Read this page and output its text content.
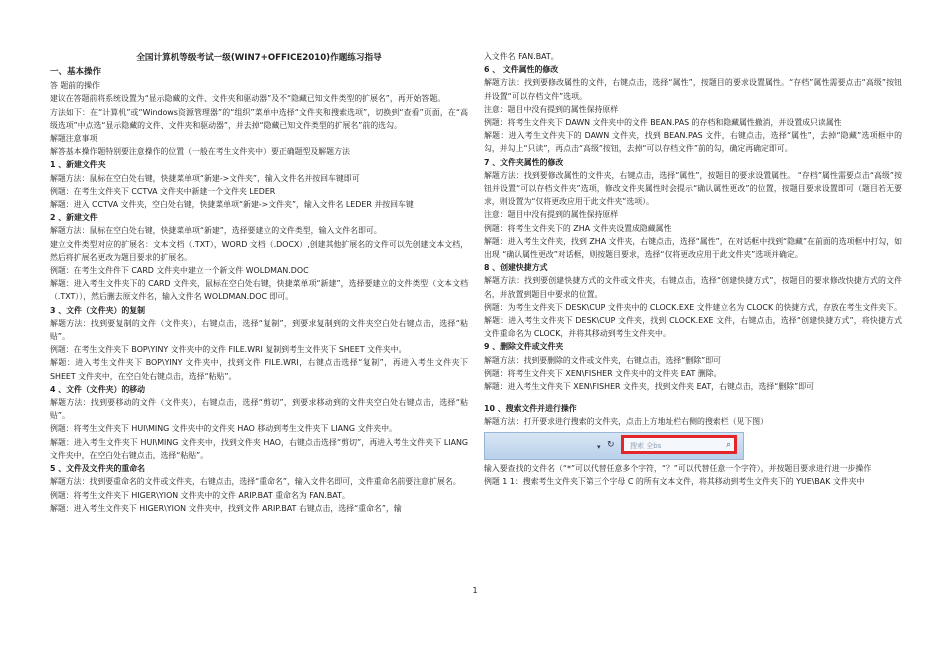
全国计算机等级考试一级(WIN7+OFFICE2010)作题练习指导

一、基本操作

答 题前的操作

建议在答题前将系统设置为“显示隐藏的文件、文件夹和驱动器”及不“隐藏已知文件类型的扩展名”，再开始答题。

方法如下：在“计算机”或“Windows资源管理器”的“组织”菜单中选择“文件夹和搜索选项”，切换到“查看”页面，在“高级选项”中点选“显示隐藏的文件、文件夹和驱动器”，并去掉“隐藏已知文件类型的扩展名”前的选勾。

解题注意事项

解答基本操作题特别要注意操作的位置（一般在考生文件夹中）要正确题型及解题方法

1 、新建文件夹

解题方法：鼠标在空白处右键，快捷菜单项“新建->文件夹”，输入文件名并按回车键即可

例题：在考生文件夹下 CCTVA 文件夹中新建一个文件夹 LEDER

解题：进入 CCTVA 文件夹，空白处右键，快捷菜单项“新建->文件夹”，输入文件名 LEDER 并按回车键

2 、新建文件

解题方法：鼠标在空白处右键，快捷菜单项“新建”，选择要建立的文件类型，输入文件名即可。

建立文件类型对应的扩展名：文本文档（.TXT），WORD 文档（.DOCX）,创建其他扩展名的文件可以先创建文本文档，然后将扩展名更改为题目要求的扩展名。

例题：在考生文件件下 CARD 文件夹中建立一个新文件 WOLDMAN.DOC

解题：进入考生文件夹下的 CARD 文件夹，鼠标在空白处右键，快捷菜单项“新建”，选择要建立的文件类型（文本文档（.TXT）），然后删去原文件名，输入文件名 WOLDMAN.DOC 即可。

3 、文件（文件夹）的复制

解题方法：找到要复制的文件（文件夹），右键点击，选择“复制”，到要求复制到的文件夹空白处右键点击，选择“粘贴”。

例题：在考生文件夹下 BOP\YINY 文件夹中的文件 FILE.WRI 复制到考生文件夹下 SHEET 文件夹中。

解题：进入考生文件夹下 BOP\YINY 文件夹中，找到文件 FILE.WRI，右键点击选择“复制”，再进入考生文件夹下 SHEET 文件夹中，在空白处右键点击，选择“粘贴”。

4 、文件（文件夹）的移动

解题方法：找到要移动的文件（文件夹），右键点击，选择“剪切”，到要求移动到的文件夹空白处右键点击，选择“粘贴”。

例题：将考生文件夹下 HUI\MING 文件夹中的文件夹 HAO 移动到考生文件夹下 LIANG 文件夹中。

解题：进入考生文件夹下 HUI\MING 文件夹中，找到文件夹 HAO，右键点击选择“剪切”，再进入考生文件夹下 LIANG 文件夹中，在空白处右键点击，选择“粘贴”。

5 、文件及文件夹的重命名

解题方法：找到要重命名的文件或文件夹，右键点击，选择“重命名”，输入文件名即可，文件重命名前要注意扩展名。

例题：将考生文件夹下 HIGER\YION 文件夹中的文件 ARIP.BAT 重命名为 FAN.BAT。

解题：进入考生文件夹下 HIGER\YION 文件夹中，找到文件 ARIP.BAT 右键点击，选择“重命名”，输

入文件名 FAN.BAT。

6 、 文件属性的修改

解题方法：找到要修改属性的文件，右键点击，选择“属性”，按题目的要求设置属性。“存档”属性需要点击“高级”按钮并设置“可以存档文件”选项。

注意：题目中没有提到的属性保持原样

例题：将考生文件夹下 DAWN 文件夹中的文件 BEAN.PAS 的存档和隐藏属性撤消，并设置成只读属性

解题：进入考生文件夹下的 DAWN 文件夹，找到 BEAN.PAS 文件，右键点击，选择“属性”，去掉“隐藏”选项框中的勾，并勾上“只读”，再点击“高级”按钮，去掉“可以存档文件”前的勾，确定再确定即可。

7 、文件夹属性的修改

解题方法：找到要修改属性的文件夹，右键点击，选择“属性”，按题目的要求设置属性。 “存档”属性需要点击“高级”按钮并设置“可以存档文件夹”选项，修改文件夹属性时会提示“确认属性更改”的位置，按题目要求设置即可（题目若无要求，则设置为“仅将更改应用于此文件夹”选项）。

注意：题目中没有提到的属性保持原样

例题：将考生文件夹下的 ZHA 文件夹设置成隐藏属性

解题：进入考生文件夹，找到 ZHA 文件夹，右键点击，选择“属性”，在对话框中找到“隐藏”在前面的选项框中打勾，如出现 “确认属性更改”对话框，则按题目要求，选择“仅将更改应用于此文件夹”选项并确定。

8 、创建快捷方式

解题方法：找到要创建快捷方式的文件或文件夹，右键点击，选择“创建快捷方式”，按题目的要求修改快捷方式的文件名，并放置到题目中要求的位置。

例题：为考生文件夹下 DESK\CUP 文件夹中的 CLOCK.EXE 文件建立名为 CLOCK 的快捷方式，存放在考生文件夹下。

解题：进入考生文件夹下 DESK\CUP 文件夹，找到 CLOCK.EXE 文件，右键点击，选择“创建快捷方式”，将快捷方式文件重命名为 CLOCK，并将其移动到考生文件夹中。

9 、删除文件或文件夹

解题方法：找到要删除的文件或文件夹，右键点击，选择“删除”即可

例题：将考生文件夹下 XEN\FISHER 文件夹中的文件夹 EAT 删除。

解题：进入考生文件夹下 XEN\FISHER 文件夹，找到文件夹 EAT，右键点击，选择“删除”即可

10 、搜索文件并进行操作

解题方法：打开要求进行搜索的文件夹，点击上方地址栏右侧的搜索栏（见下图）

▾ ↻ 搜索 全bs	⌕

输入要查找的文件名（“*”可以代替任意多个字符，“？”可以代替任意一个字符），并按题目要求进行进一步操作

例题 1 1：搜索考生文件夹下第三个字母 C 的所有文本文件，将其移动到考生文件夹下的 YUE\BAK 文件夹中

1
